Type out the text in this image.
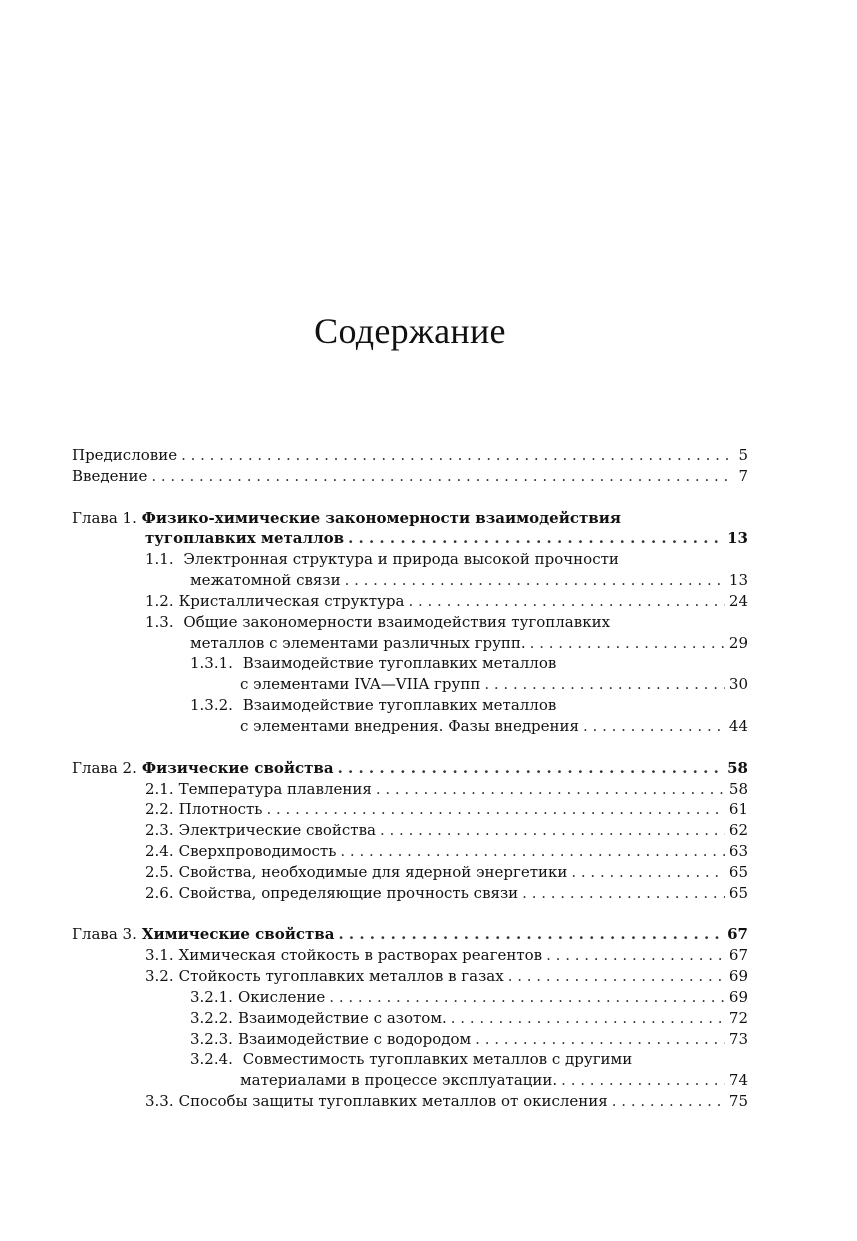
Содержание
Предисловие . . .	5
Введение . . .	7
Глава 1. Физико-химические закономерности взаимодействия
тугоплавких металлов . . .	13
1.1. Электронная структура и природа высокой прочности
межатомной связи . . .	13
1.2. Кристаллическая структура . . .	24
1.3. Общие закономерности взаимодействия тугоплавких
металлов с элементами различных групп. . . .	29
1.3.1. Взаимодействие тугоплавких металлов
с элементами IVA—VIIA групп . . .	30
1.3.2. Взаимодействие тугоплавких металлов
с элементами внедрения. Фазы внедрения . . .	44
Глава 2. Физические свойства . . .	58
2.1. Температура плавления . . .	58
2.2. Плотность . . .	61
2.3. Электрические свойства . . .	62
2.4. Сверхпроводимость . . .	63
2.5. Свойства, необходимые для ядерной энергетики . . .	65
2.6. Свойства, определяющие прочность связи . . .	65
Глава 3. Химические свойства . . .	67
3.1. Химическая стойкость в растворах реагентов . . .	67
3.2. Стойкость тугоплавких металлов в газах . . .	69
3.2.1. Окисление . . .	69
3.2.2. Взаимодействие с азотом. . . .	72
3.2.3. Взаимодействие с водородом . . .	73
3.2.4. Совместимость тугоплавких металлов с другими
материалами в процессе эксплуатации. . . .	74
3.3. Способы защиты тугоплавких металлов от окисления . . .	75
